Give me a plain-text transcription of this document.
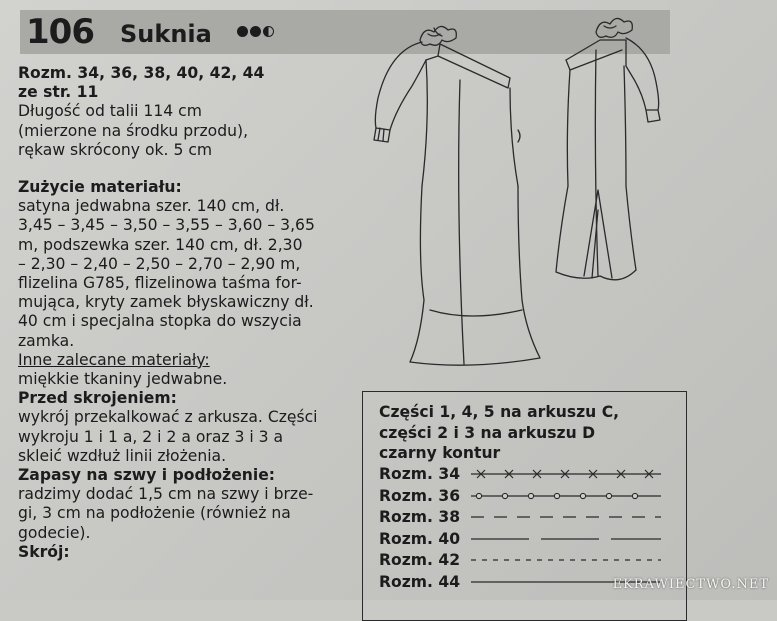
106 Suknia

Rozm. 34, 36, 38, 40, 42, 44

ze str. 11

Długość od talii 114 cm

(mierzone na środku przodu),

rękaw skrócony ok. 5 cm

Zużycie materiału:

satyna jedwabna szer. 140 cm, dł.

3,45 – 3,45 – 3,50 – 3,55 – 3,60 – 3,65

m, podszewka szer. 140 cm, dł. 2,30

– 2,30 – 2,40 – 2,50 – 2,70 – 2,90 m,

flizelina G785, flizelinowa taśma for-

mująca, kryty zamek błyskawiczny dł.

40 cm i specjalna stopka do wszycia

zamka.

Inne zalecane materiały:

miękkie tkaniny jedwabne.

Przed skrojeniem:

wykrój przekalkować z arkusza. Części

wykroju 1 i 1 a, 2 i 2 a oraz 3 i 3 a

skleić wzdłuż linii złożenia.

Zapasy na szwy i podłożenie:

radzimy dodać 1,5 cm na szwy i brze-

gi, 3 cm na podłożenie (również na

godecie).

Skrój:

Części 1, 4, 5 na arkuszu C,
części 2 i 3 na arkuszu D
czarny kontur
Rozm. 34
Rozm. 36
Rozm. 38
Rozm. 40
Rozm. 42
Rozm. 44	EKRAWIECTWO.NET
